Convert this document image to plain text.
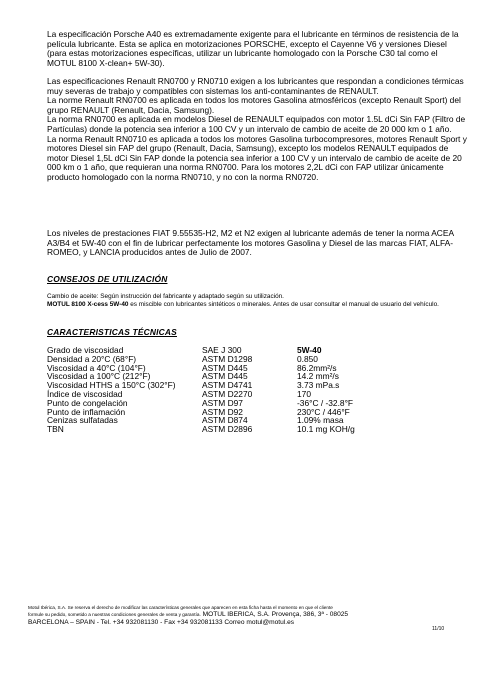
La especificación Porsche A40 es extremadamente exigente para el lubricante en términos de resistencia de la película lubricante. Esta se aplica en motorizaciones PORSCHE, excepto el Cayenne V6 y versiones Diesel (para estas motorizaciones específicas, utilizar un lubricante homologado con la Porsche C30 tal como el MOTUL 8100 X-clean+ 5W-30).

Las especificaciones Renault RN0700 y RN0710 exigen a los lubricantes que respondan a condiciones térmicas muy severas de trabajo y compatibles con sistemas los anti-contaminantes de RENAULT.

La norme Renault RN0700 es aplicada en todos los motores Gasolina atmosféricos (excepto Renault Sport) del grupo RENAULT (Renault, Dacia, Samsung).

La norma RN0700 es aplicada en modelos Diesel de RENAULT equipados con motor 1.5L dCi Sin FAP (Filtro de Partículas) donde la potencia sea inferior a 100 CV y un intervalo de cambio de aceite de 20 000 km o 1 año.

La norma Renault RN0710 es aplicada a todos los motores Gasolina turbocompresores, motores Renault Sport y motores Diesel sin FAP del grupo (Renault, Dacia, Samsung), excepto los modelos RENAULT equipados de motor Diesel 1,5L dCi Sin FAP donde la potencia sea inferior a 100 CV y un intervalo de cambio de aceite de 20 000 km o 1 año, que requieran una norma RN0700. Para los motores 2,2L dCi con FAP utilizar únicamente producto homologado con la norma RN0710, y no con la norma RN0720.

Los niveles de prestaciones FIAT 9.55535-H2, M2 et N2 exigen al lubricante además de tener la norma ACEA A3/B4 et 5W-40 con el fin de lubricar perfectamente los motores Gasolina y Diesel de las marcas FIAT, ALFA-ROMEO, y LANCIA producidos antes de Julio de 2007.

CONSEJOS DE UTILIZACIÓN

Cambio de aceite: Según instrucción del fabricante y adaptado según su utilización.

MOTUL 8100 X-cess 5W-40 es miscible con lubricantes sintéticos o minerales. Antes de usar consultar el manual de usuario del vehículo.

CARACTERISTICAS TÉCNICAS

Grado de viscosidad	SAE J 300	5W-40
Densidad a 20°C (68°F)	ASTM D1298	0.850
Viscosidad a 40°C (104°F)	ASTM D445	86.2mm²/s
Viscosidad a 100°C (212°F)	ASTM D445	14.2 mm²/s
Viscosidad HTHS a 150°C (302°F)	ASTM D4741	3.73 mPa.s
Índice de viscosidad	ASTM D2270	170
Punto de congelación	ASTM D97	-36°C / -32.8°F
Punto de inflamación	ASTM D92	230°C / 446°F
Cenizas sulfatadas	ASTM D874	1.09% masa
TBN	ASTM D2896	10.1 mg KOH/g

Motul Ibérica, S.A. Se reserva el derecho de modificar las características generales que aparecen en esta ficha hasta el momento en que el cliente

formule su pedido, sometido a nuestras condiciones generales de venta y garantía. MOTUL IBERICA, S.A. Provença, 386, 3ª - 08025

BARCELONA – SPAIN - Tel. +34 932081130 - Fax +34 932081133 Correo motul@motul.es

11/10
